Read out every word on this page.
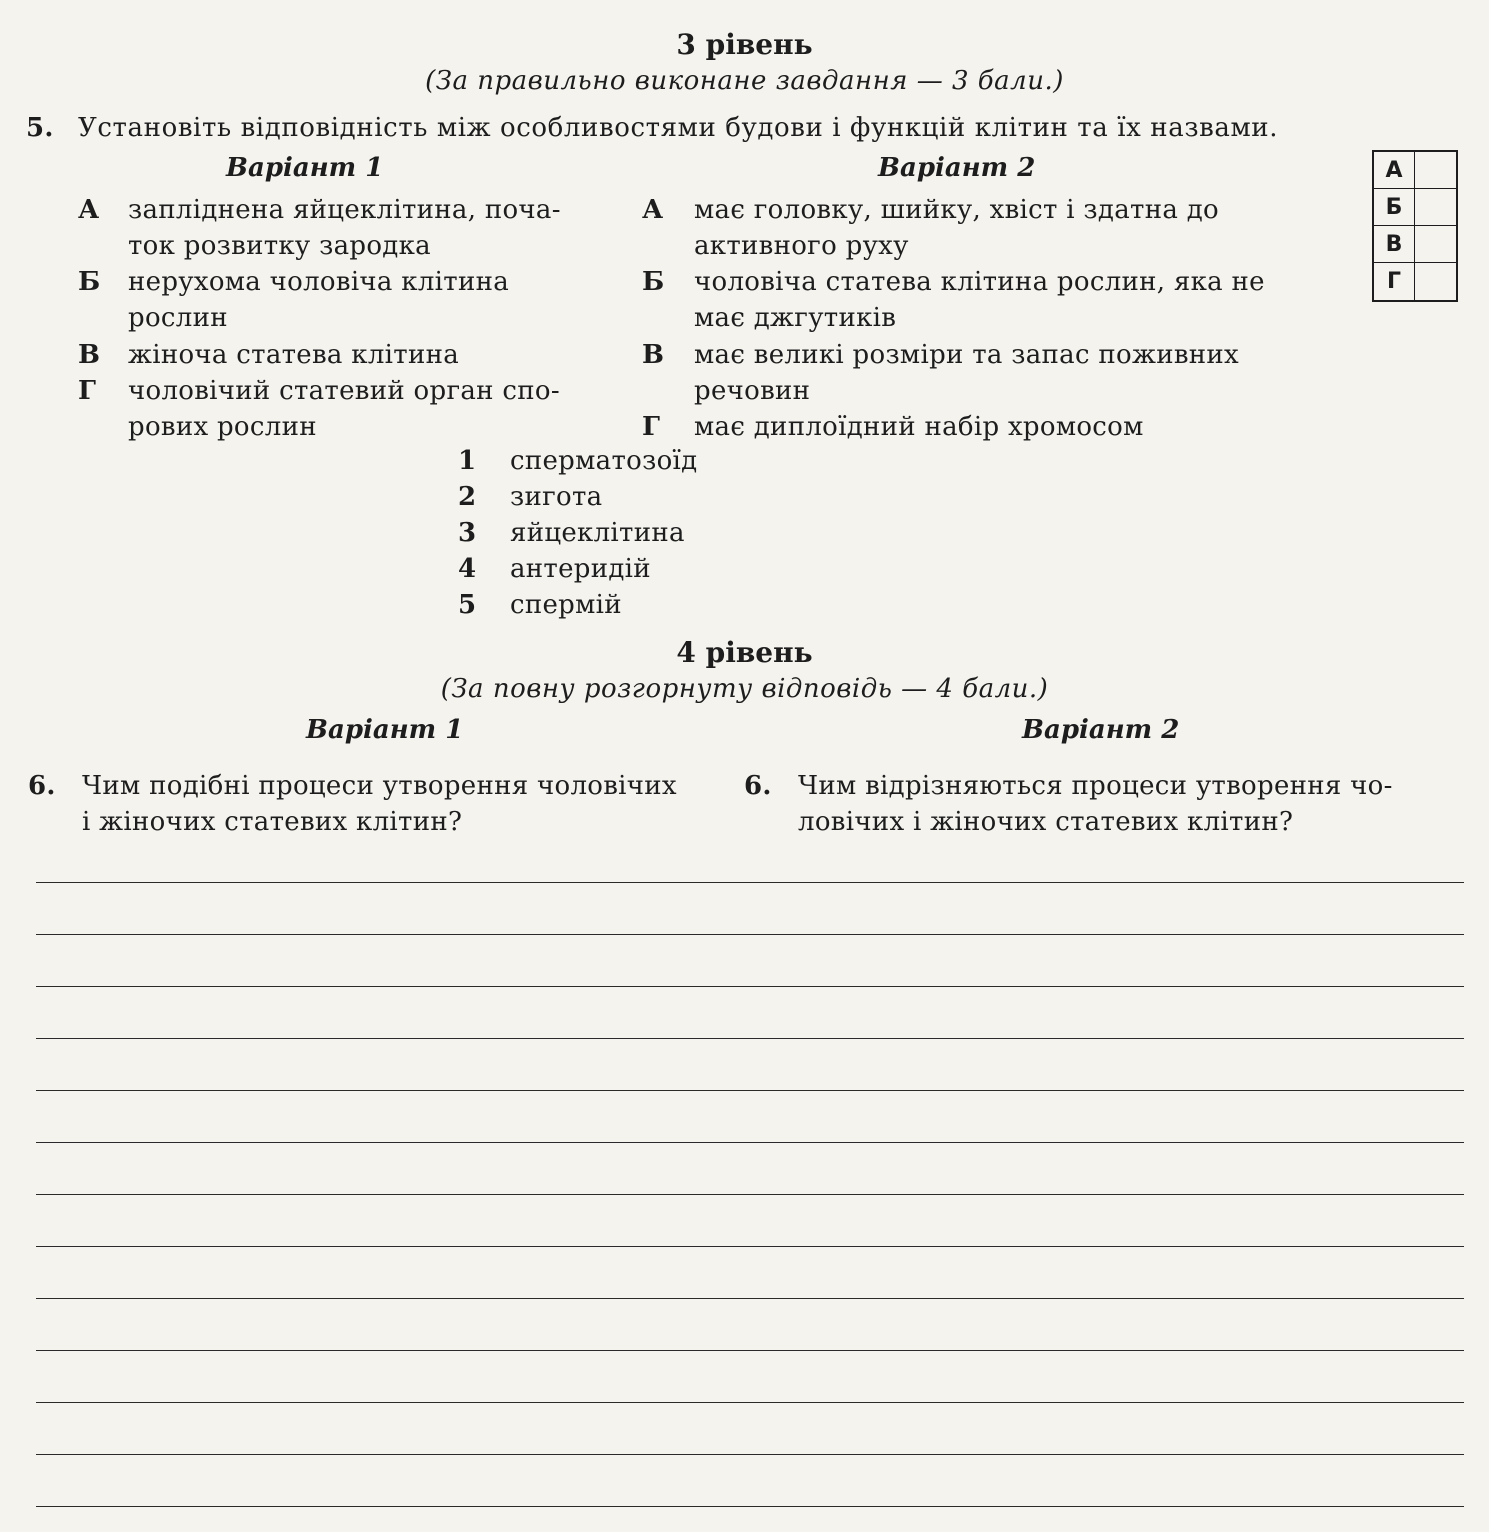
3 рівень
(За правильно виконане завдання — 3 бали.)
5. Установіть відповідність між особливостями будови і функцій клітин та їх назвами.
Варіант 1	Варіант 2
А запліднена яйцеклітина, поча-
ток розвитку зародка
Б нерухома чоловіча клітина
рослин
В жіноча статева клітина
Г чоловічий статевий орган спо-
рових рослин
А має головку, шийку, хвіст і здатна до
активного руху
Б чоловіча статева клітина рослин, яка не
має джгутиків
В має великі розміри та запас поживних
речовин
Г має диплоїдний набір хромосом
1 сперматозоїд
2 зигота
3 яйцеклітина
4 антеридій
5 спермій
А
Б
В
Г
4 рівень
(За повну розгорнуту відповідь — 4 бали.)
Варіант 1	Варіант 2
6. Чим подібні процеси утворення чоловічих
і жіночих статевих клітин?
6. Чим відрізняються процеси утворення чо-
ловічих і жіночих статевих клітин?
